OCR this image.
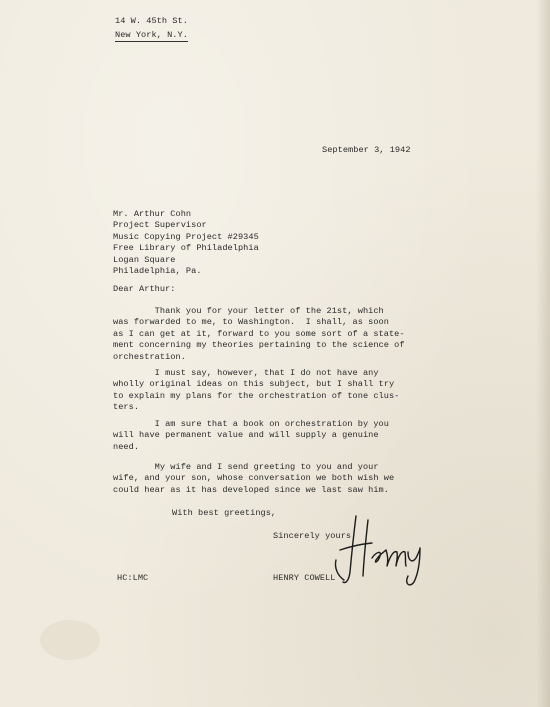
14 W. 45th St.
New York, N.Y.
September 3, 1942
Mr. Arthur Cohn
Project Supervisor
Music Copying Project #29345
Free Library of Philadelphia
Logan Square
Philadelphia, Pa.
Dear Arthur:
Thank you for your letter of the 21st, which
was forwarded to me, to Washington.  I shall, as soon
as I can get at it, forward to you some sort of a state-
ment concerning my theories pertaining to the science of
orchestration.
I must say, however, that I do not have any
wholly original ideas on this subject, but I shall try
to explain my plans for the orchestration of tone clus-
ters.
I am sure that a book on orchestration by you
will have permanent value and will supply a genuine
need.
My wife and I send greeting to you and your
wife, and your son, whose conversation we both wish we
could hear as it has developed since we last saw him.
With best greetings,
Sincerely yours
HC:LMC	HENRY COWELL
